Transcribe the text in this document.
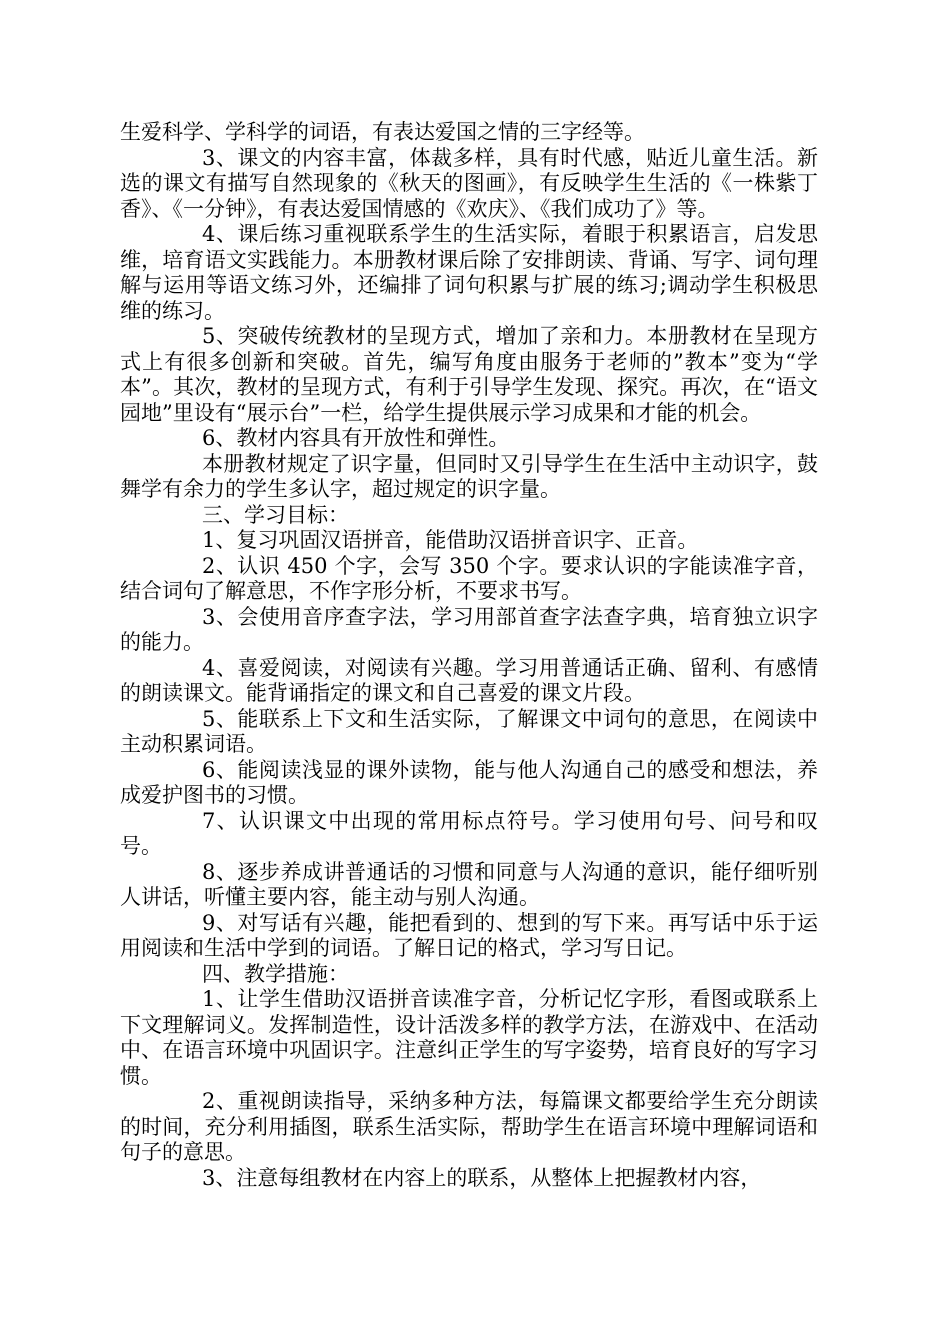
生爱科学、学科学的词语，有表达爱国之情的三字经等。

3、课文的内容丰富，体裁多样，具有时代感，贴近儿童生活。新选的课文有描写自然现象的《秋天的图画》，有反映学生生活的《一株紫丁香》、《一分钟》，有表达爱国情感的《欢庆》、《我们成功了》等。

4、课后练习重视联系学生的生活实际，着眼于积累语言，启发思维，培育语文实践能力。本册教材课后除了安排朗读、背诵、写字、词句理解与运用等语文练习外，还编排了词句积累与扩展的练习;调动学生积极思维的练习。

5、突破传统教材的呈现方式，增加了亲和力。本册教材在呈现方式上有很多创新和突破。首先，编写角度由服务于老师的”教本”变为“学本”。其次，教材的呈现方式，有利于引导学生发现、探究。再次，在“语文园地”里设有“展示台”一栏，给学生提供展示学习成果和才能的机会。

6、教材内容具有开放性和弹性。

本册教材规定了识字量，但同时又引导学生在生活中主动识字，鼓舞学有余力的学生多认字，超过规定的识字量。

三、学习目标：

1、复习巩固汉语拼音，能借助汉语拼音识字、正音。

2、认识 450 个字，会写 350 个字。要求认识的字能读准字音，结合词句了解意思，不作字形分析，不要求书写。

3、会使用音序查字法，学习用部首查字法查字典，培育独立识字的能力。

4、喜爱阅读，对阅读有兴趣。学习用普通话正确、留利、有感情的朗读课文。能背诵指定的课文和自己喜爱的课文片段。

5、能联系上下文和生活实际，了解课文中词句的意思，在阅读中主动积累词语。

6、能阅读浅显的课外读物，能与他人沟通自己的感受和想法，养成爱护图书的习惯。

7、认识课文中出现的常用标点符号。学习使用句号、问号和叹号。

8、逐步养成讲普通话的习惯和同意与人沟通的意识，能仔细听别人讲话，听懂主要内容，能主动与别人沟通。

9、对写话有兴趣，能把看到的、想到的写下来。再写话中乐于运用阅读和生活中学到的词语。了解日记的格式，学习写日记。

四、教学措施：

1、让学生借助汉语拼音读准字音，分析记忆字形，看图或联系上下文理解词义。发挥制造性，设计活泼多样的教学方法，在游戏中、在活动中、在语言环境中巩固识字。注意纠正学生的写字姿势，培育良好的写字习惯。

2、重视朗读指导，采纳多种方法，每篇课文都要给学生充分朗读的时间，充分利用插图，联系生活实际，帮助学生在语言环境中理解词语和句子的意思。

3、注意每组教材在内容上的联系，从整体上把握教材内容，
